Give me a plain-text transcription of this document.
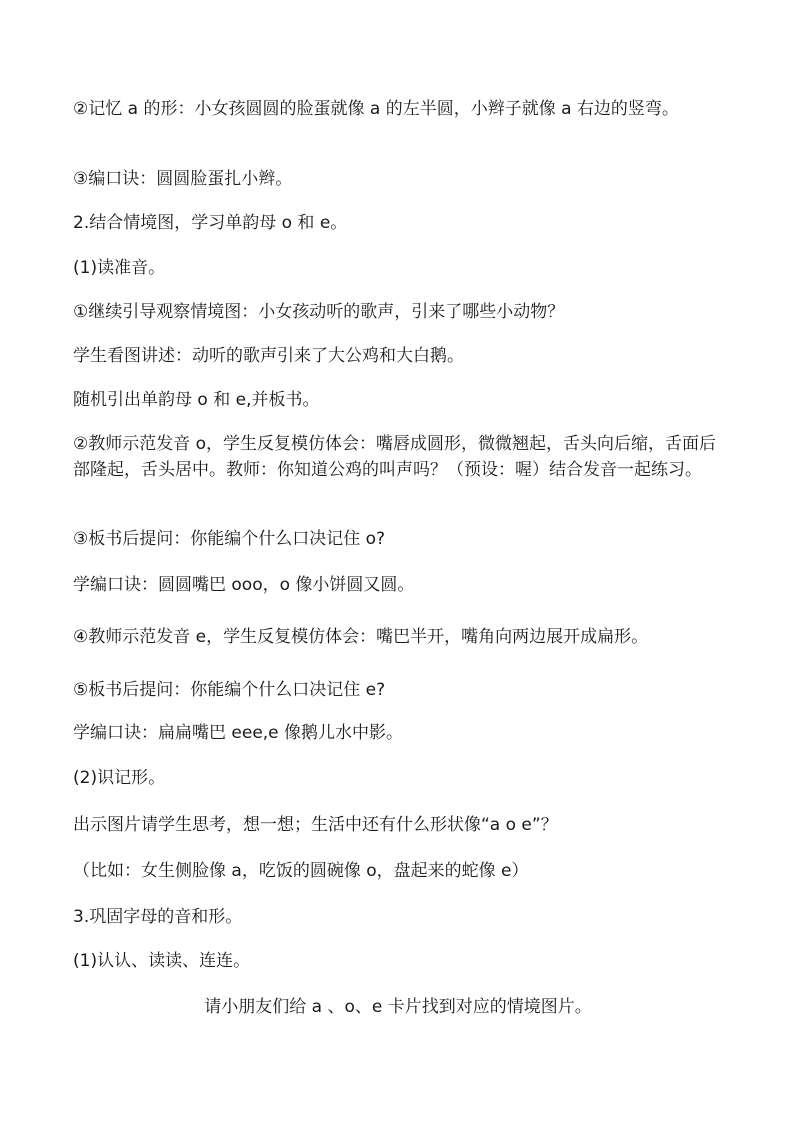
②记忆 a 的形：小女孩圆圆的脸蛋就像 a 的左半圆，小辫子就像 a 右边的竖弯。
③编口诀：圆圆脸蛋扎小辫。
2.结合情境图，学习单韵母 o 和 e。
(1)读准音。
①继续引导观察情境图：小女孩动听的歌声，引来了哪些小动物？
学生看图讲述：动听的歌声引来了大公鸡和大白鹅。
随机引出单韵母 o 和 e,并板书。
②教师示范发音 o，学生反复模仿体会：嘴唇成圆形，微微翘起，舌头向后缩，舌面后部隆起，舌头居中。教师：你知道公鸡的叫声吗？（预设：喔）结合发音一起练习。
③板书后提问：你能编个什么口决记住 o?
学编口诀：圆圆嘴巴 ooo，o 像小饼圆又圆。
④教师示范发音 e，学生反复模仿体会：嘴巴半开，嘴角向两边展开成扁形。
⑤板书后提问：你能编个什么口决记住 e?
学编口诀：扁扁嘴巴 eee,e 像鹅儿水中影。
(2)识记形。
出示图片请学生思考，想一想；生活中还有什么形状像“a o e”？
（比如：女生侧脸像 a，吃饭的圆碗像 o，盘起来的蛇像 e）
3.巩固字母的音和形。
(1)认认、读读、连连。
请小朋友们给 a 、o、e 卡片找到对应的情境图片。
